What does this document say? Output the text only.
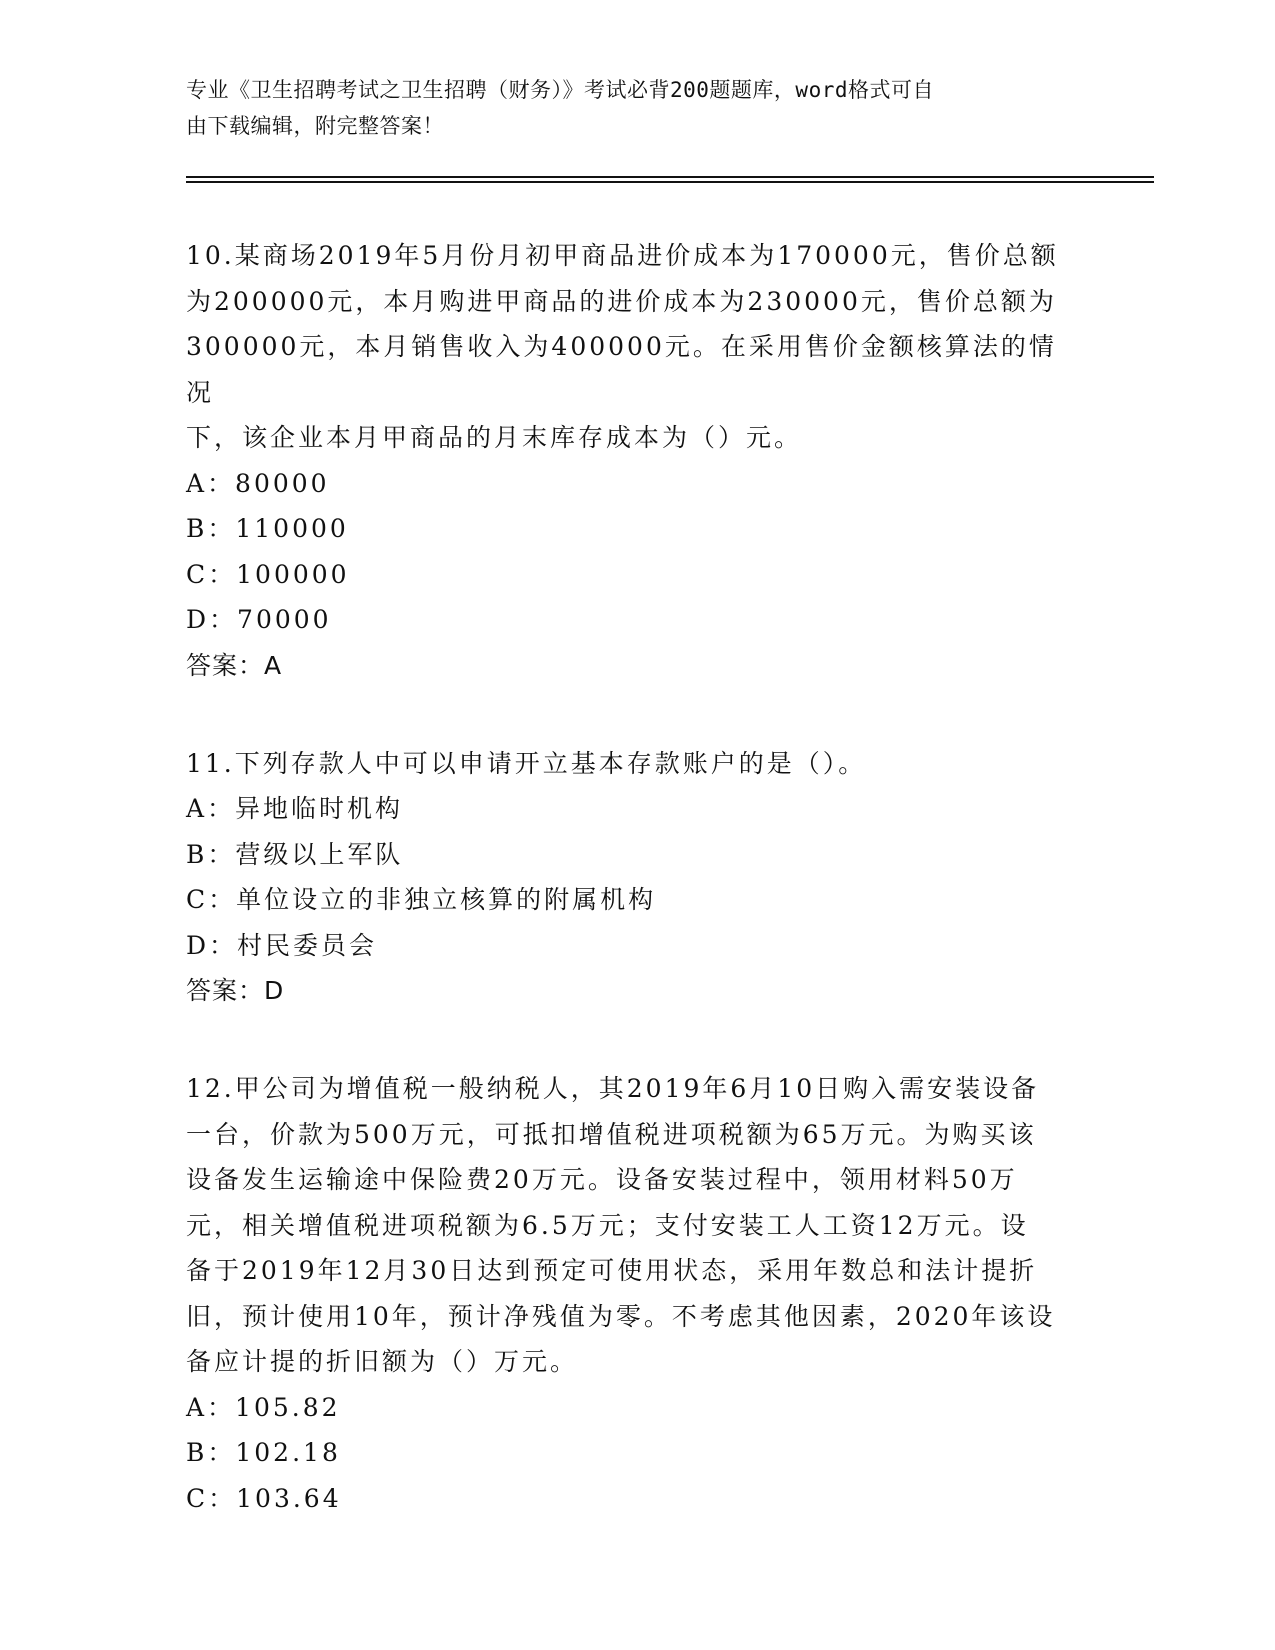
专业《卫生招聘考试之卫生招聘（财务）》考试必背200题题库，word格式可自
由下载编辑，附完整答案！

10.某商场2019年5月份月初甲商品进价成本为170000元，售价总额

为200000元，本月购进甲商品的进价成本为230000元，售价总额为

300000元，本月销售收入为400000元。在采用售价金额核算法的情况

下，该企业本月甲商品的月末库存成本为（）元。

A：80000

B：110000

C：100000

D：70000

答案：A

11.下列存款人中可以申请开立基本存款账户的是（）。

A：异地临时机构

B：营级以上军队

C：单位设立的非独立核算的附属机构

D：村民委员会

答案：D

12.甲公司为增值税一般纳税人，其2019年6月10日购入需安装设备

一台，价款为500万元，可抵扣增值税进项税额为65万元。为购买该

设备发生运输途中保险费20万元。设备安装过程中，领用材料50万

元，相关增值税进项税额为6.5万元；支付安装工人工资12万元。设

备于2019年12月30日达到预定可使用状态，采用年数总和法计提折

旧，预计使用10年，预计净残值为零。不考虑其他因素，2020年该设

备应计提的折旧额为（）万元。

A：105.82

B：102.18

C：103.64
